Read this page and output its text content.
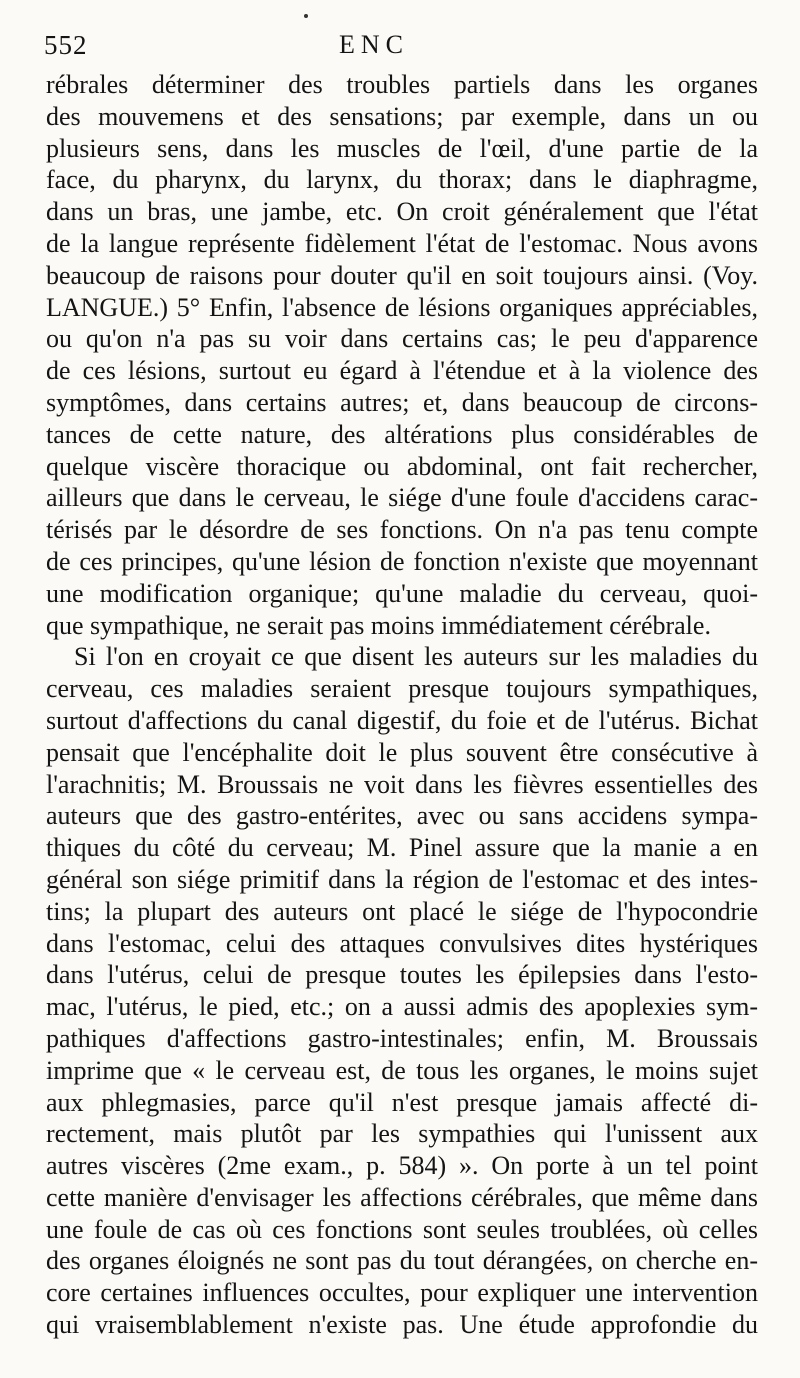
552	ENC
rébrales déterminer des troubles partiels dans les organes
des mouvemens et des sensations; par exemple, dans un ou
plusieurs sens, dans les muscles de l'œil, d'une partie de la
face, du pharynx, du larynx, du thorax; dans le diaphragme,
dans un bras, une jambe, etc. On croit généralement que l'état
de la langue représente fidèlement l'état de l'estomac. Nous avons
beaucoup de raisons pour douter qu'il en soit toujours ainsi. (Voy.
LANGUE.) 5° Enfin, l'absence de lésions organiques appréciables,
ou qu'on n'a pas su voir dans certains cas; le peu d'apparence
de ces lésions, surtout eu égard à l'étendue et à la violence des
symptômes, dans certains autres; et, dans beaucoup de circons-
tances de cette nature, des altérations plus considérables de
quelque viscère thoracique ou abdominal, ont fait rechercher,
ailleurs que dans le cerveau, le siége d'une foule d'accidens carac-
térisés par le désordre de ses fonctions. On n'a pas tenu compte
de ces principes, qu'une lésion de fonction n'existe que moyennant
une modification organique; qu'une maladie du cerveau, quoi-
que sympathique, ne serait pas moins immédiatement cérébrale.
Si l'on en croyait ce que disent les auteurs sur les maladies du
cerveau, ces maladies seraient presque toujours sympathiques,
surtout d'affections du canal digestif, du foie et de l'utérus. Bichat
pensait que l'encéphalite doit le plus souvent être consécutive à
l'arachnitis; M. Broussais ne voit dans les fièvres essentielles des
auteurs que des gastro-entérites, avec ou sans accidens sympa-
thiques du côté du cerveau; M. Pinel assure que la manie a en
général son siége primitif dans la région de l'estomac et des intes-
tins; la plupart des auteurs ont placé le siége de l'hypocondrie
dans l'estomac, celui des attaques convulsives dites hystériques
dans l'utérus, celui de presque toutes les épilepsies dans l'esto-
mac, l'utérus, le pied, etc.; on a aussi admis des apoplexies sym-
pathiques d'affections gastro-intestinales; enfin, M. Broussais
imprime que « le cerveau est, de tous les organes, le moins sujet
aux phlegmasies, parce qu'il n'est presque jamais affecté di-
rectement, mais plutôt par les sympathies qui l'unissent aux
autres viscères (2me exam., p. 584) ». On porte à un tel point
cette manière d'envisager les affections cérébrales, que même dans
une foule de cas où ces fonctions sont seules troublées, où celles
des organes éloignés ne sont pas du tout dérangées, on cherche en-
core certaines influences occultes, pour expliquer une intervention
qui vraisemblablement n'existe pas. Une étude approfondie du
